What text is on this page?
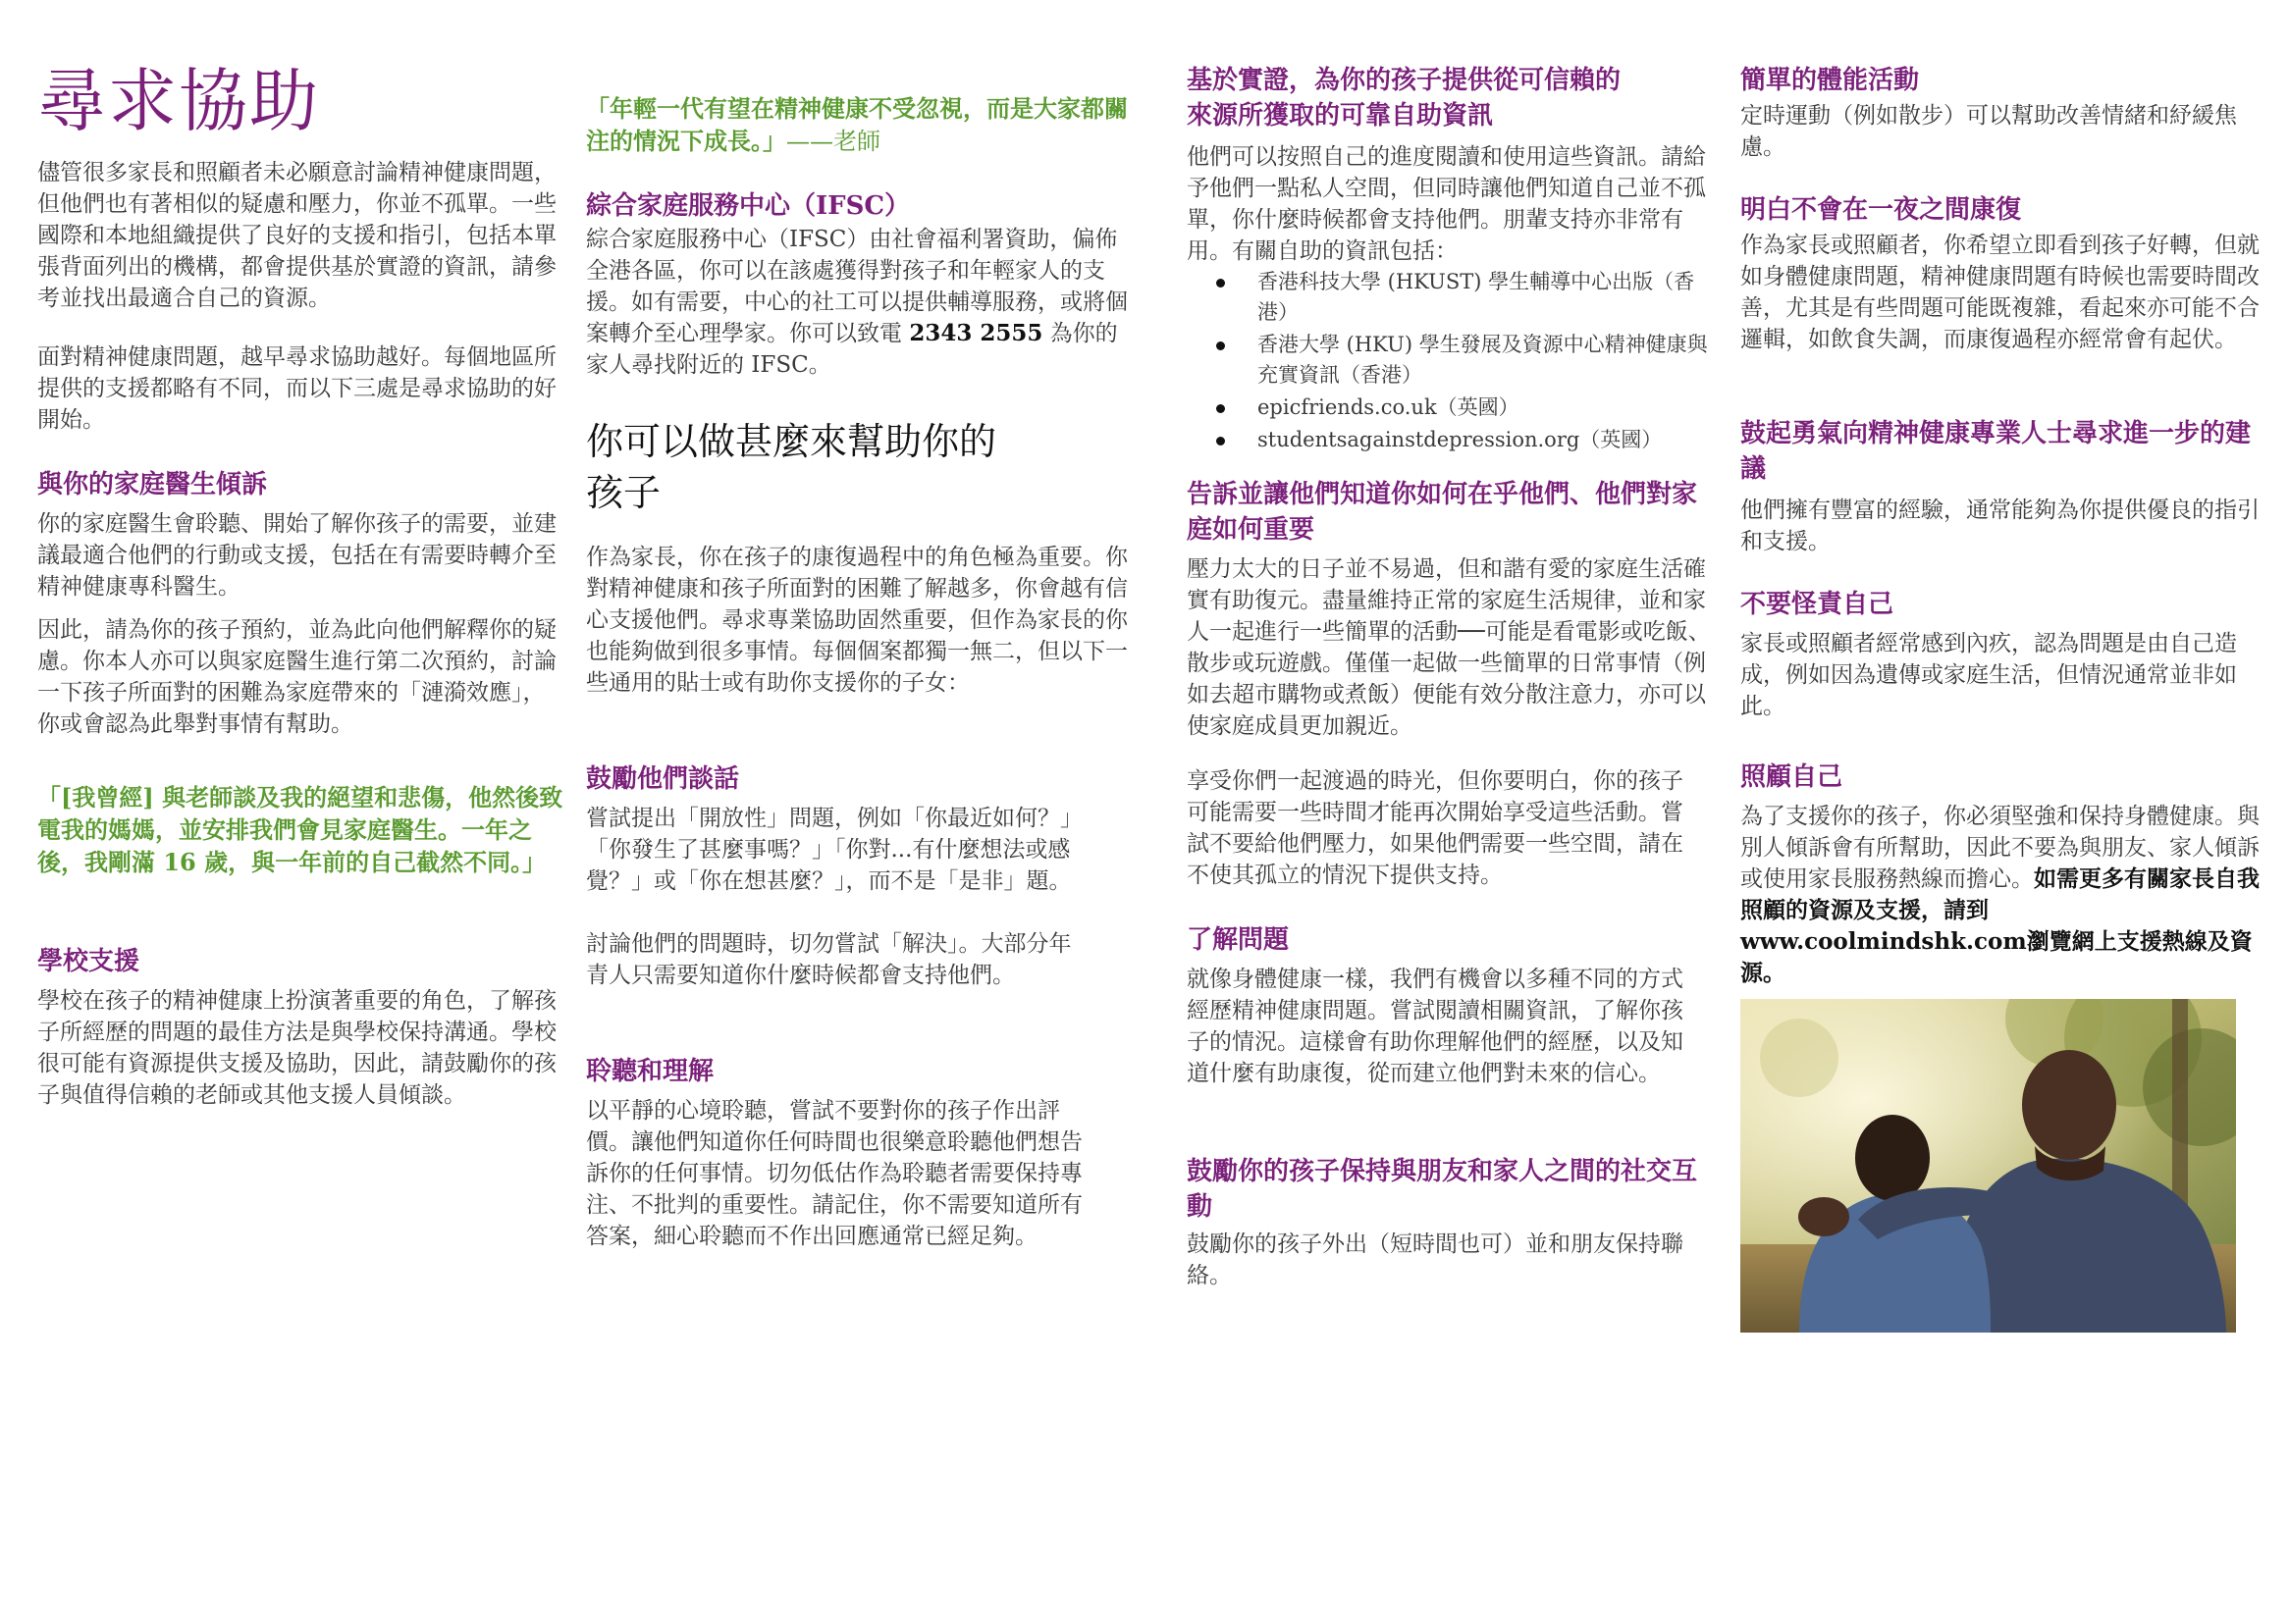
尋求協助

儘管很多家長和照顧者未必願意討論精神健康問題，但他們也有著相似的疑慮和壓力，你並不孤單。一些國際和本地組織提供了良好的支援和指引，包括本單張背面列出的機構，都會提供基於實證的資訊，請參考並找出最適合自己的資源。

面對精神健康問題，越早尋求協助越好。每個地區所提供的支援都略有不同，而以下三處是尋求協助的好開始。

與你的家庭醫生傾訴

你的家庭醫生會聆聽、開始了解你孩子的需要，並建議最適合他們的行動或支援，包括在有需要時轉介至精神健康專科醫生。

因此，請為你的孩子預約，並為此向他們解釋你的疑慮。你本人亦可以與家庭醫生進行第二次預約，討論一下孩子所面對的困難為家庭帶來的「漣漪效應」，你或會認為此舉對事情有幫助。

「[我曾經] 與老師談及我的絕望和悲傷，他然後致電我的媽媽，並安排我們會見家庭醫生。一年之後，我剛滿 16 歲，與一年前的自己截然不同。」

學校支援

學校在孩子的精神健康上扮演著重要的角色，了解孩子所經歷的問題的最佳方法是與學校保持溝通。學校很可能有資源提供支援及協助，因此，請鼓勵你的孩子與值得信賴的老師或其他支援人員傾談。

「年輕一代有望在精神健康不受忽視，而是大家都關注的情況下成長。」——老師

綜合家庭服務中心（IFSC）

綜合家庭服務中心（IFSC）由社會福利署資助，偏佈全港各區，你可以在該處獲得對孩子和年輕家人的支援。如有需要，中心的社工可以提供輔導服務，或將個案轉介至心理學家。你可以致電 2343 2555 為你的家人尋找附近的 IFSC。

你可以做甚麼來幫助你的孩子

作為家長，你在孩子的康復過程中的角色極為重要。你對精神健康和孩子所面對的困難了解越多，你會越有信心支援他們。尋求專業協助固然重要，但作為家長的你也能夠做到很多事情。每個個案都獨一無二，但以下一些通用的貼士或有助你支援你的子女：

鼓勵他們談話

嘗試提出「開放性」問題，例如「你最近如何？」「你發生了甚麼事嗎？」「你對...有什麼想法或感覺？」或「你在想甚麼？」，而不是「是非」題。

討論他們的問題時，切勿嘗試「解決」。大部分年青人只需要知道你什麼時候都會支持他們。

聆聽和理解

以平靜的心境聆聽，嘗試不要對你的孩子作出評價。讓他們知道你任何時間也很樂意聆聽他們想告訴你的任何事情。切勿低估作為聆聽者需要保持專注、不批判的重要性。請記住，你不需要知道所有答案，細心聆聽而不作出回應通常已經足夠。

基於實證，為你的孩子提供從可信賴的來源所獲取的可靠自助資訊

他們可以按照自己的進度閱讀和使用這些資訊。請給予他們一點私人空間，但同時讓他們知道自己並不孤單，你什麼時候都會支持他們。朋輩支持亦非常有用。有關自助的資訊包括：

香港科技大學 (HKUST) 學生輔導中心出版（香港）
香港大學 (HKU) 學生發展及資源中心精神健康與充實資訊（香港）
epicfriends.co.uk（英國）
studentsagainstdepression.org（英國）
告訴並讓他們知道你如何在乎他們、他們對家庭如何重要

壓力太大的日子並不易過，但和諧有愛的家庭生活確實有助復元。盡量維持正常的家庭生活規律，並和家人一起進行一些簡單的活動──可能是看電影或吃飯、散步或玩遊戲。僅僅一起做一些簡單的日常事情（例如去超市購物或煮飯）便能有效分散注意力，亦可以使家庭成員更加親近。

享受你們一起渡過的時光，但你要明白，你的孩子可能需要一些時間才能再次開始享受這些活動。嘗試不要給他們壓力，如果他們需要一些空間，請在不使其孤立的情況下提供支持。

了解問題

就像身體健康一樣，我們有機會以多種不同的方式經歷精神健康問題。嘗試閱讀相關資訊，了解你孩子的情況。這樣會有助你理解他們的經歷，以及知道什麼有助康復，從而建立他們對未來的信心。

鼓勵你的孩子保持與朋友和家人之間的社交互動

鼓勵你的孩子外出（短時間也可）並和朋友保持聯絡。

簡單的體能活動

定時運動（例如散步）可以幫助改善情緒和紓緩焦慮。

明白不會在一夜之間康復

作為家長或照顧者，你希望立即看到孩子好轉，但就如身體健康問題，精神健康問題有時候也需要時間改善，尤其是有些問題可能既複雜，看起來亦可能不合邏輯，如飲食失調，而康復過程亦經常會有起伏。

鼓起勇氣向精神健康專業人士尋求進一步的建議

他們擁有豐富的經驗，通常能夠為你提供優良的指引和支援。

不要怪責自己

家長或照顧者經常感到內疚，認為問題是由自己造成，例如因為遺傳或家庭生活，但情況通常並非如此。

照顧自己

為了支援你的孩子，你必須堅強和保持身體健康。與別人傾訴會有所幫助，因此不要為與朋友、家人傾訴或使用家長服務熱線而擔心。如需更多有關家長自我照顧的資源及支援，請到 www.coolmindshk.com瀏覽網上支援熱線及資源。
